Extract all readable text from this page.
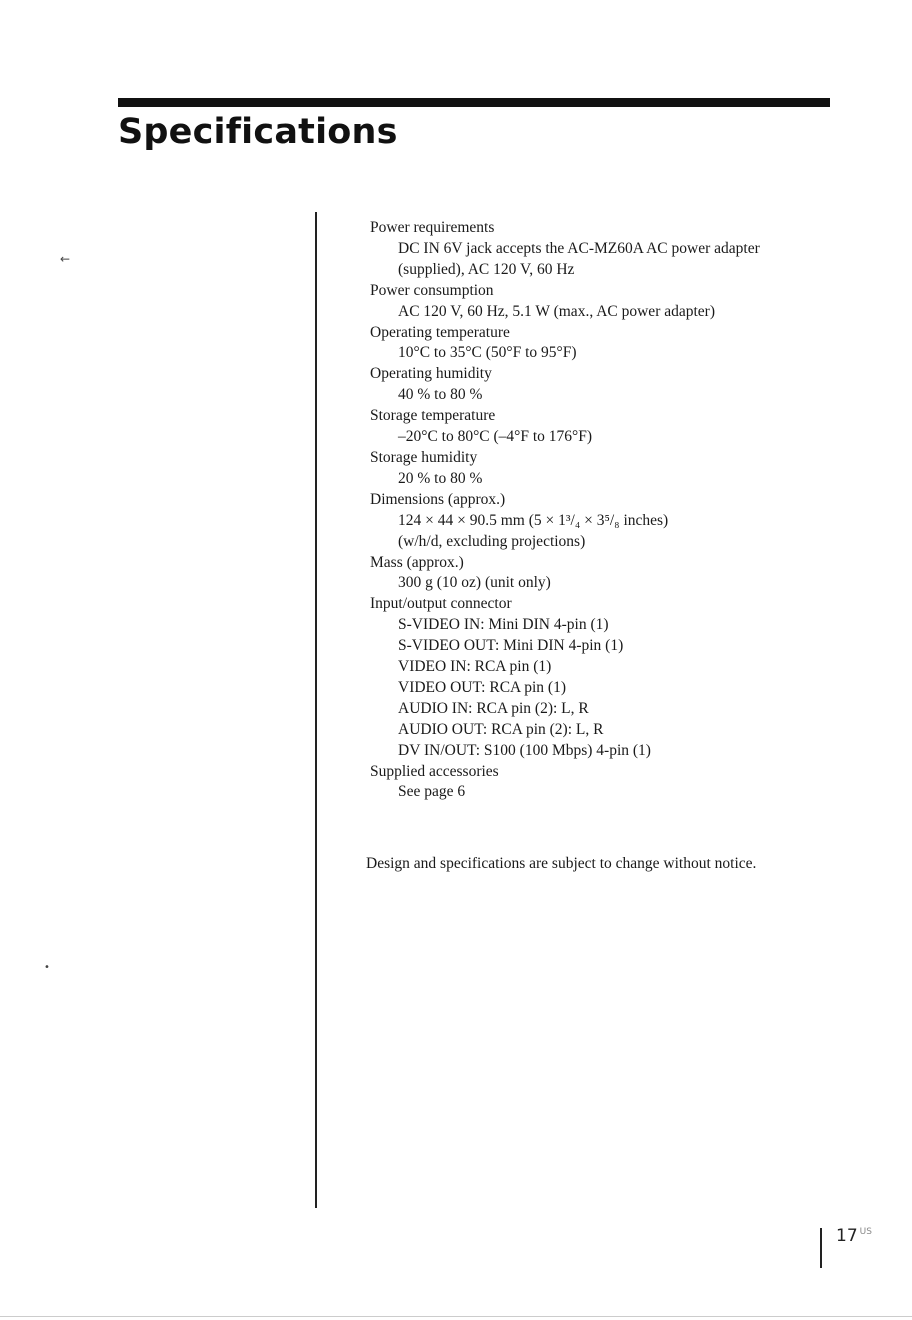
Specifications

Power requirements

DC IN 6V jack accepts the AC-MZ60A AC power adapter

(supplied), AC 120 V, 60 Hz

Power consumption

AC 120 V, 60 Hz, 5.1 W (max., AC power adapter)

Operating temperature

10°C to 35°C (50°F to 95°F)

Operating humidity

40 % to 80 %

Storage temperature

–20°C to 80°C (–4°F to 176°F)

Storage humidity

20 % to 80 %

Dimensions (approx.)

124 × 44 × 90.5 mm (5 × 1³/₄ × 3⁵/₈ inches)

(w/h/d, excluding projections)

Mass (approx.)

300 g (10 oz) (unit only)

Input/output connector

S-VIDEO IN: Mini DIN 4-pin (1)

S-VIDEO OUT: Mini DIN 4-pin (1)

VIDEO IN: RCA pin (1)

VIDEO OUT: RCA pin (1)

AUDIO IN: RCA pin (2): L, R

AUDIO OUT: RCA pin (2): L, R

DV IN/OUT: S100 (100 Mbps) 4-pin (1)

Supplied accessories

See page 6

Design and specifications are subject to change without notice.

17 $^{US}$
←
•
